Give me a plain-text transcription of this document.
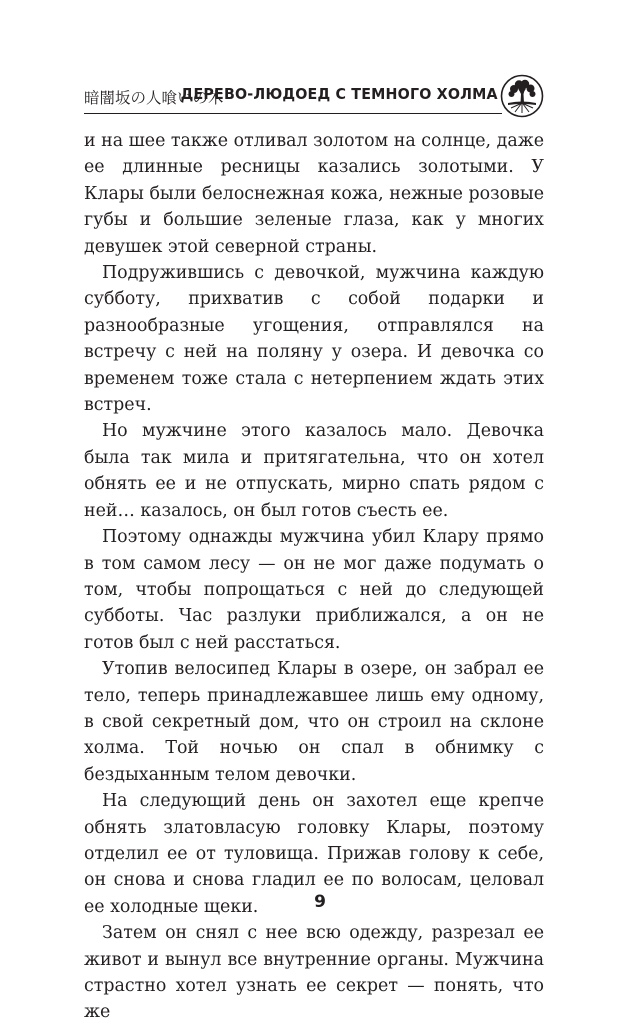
暗闇坂の人喰いの木
ДЕРЕВО-ЛЮДОЕД С ТЕМНОГО ХОЛМА

и на шее также отливал золотом на солнце, даже ее длинные ресницы казались золотыми. У Клары были белоснежная кожа, нежные розовые губы и большие зеленые глаза, как у многих девушек этой северной страны.

Подружившись с девочкой, мужчина каждую субботу, прихватив с собой подарки и разнообразные угощения, отправлялся на встречу с ней на поляну у озера. И девочка со временем тоже стала с нетерпением ждать этих встреч.

Но мужчине этого казалось мало. Девочка была так мила и притягательна, что он хотел обнять ее и не отпускать, мирно спать рядом с ней… казалось, он был готов съесть ее.

Поэтому однажды мужчина убил Клару прямо в том самом лесу — он не мог даже подумать о том, чтобы попрощаться с ней до следующей субботы. Час разлуки приближался, а он не готов был с ней расстаться.

Утопив велосипед Клары в озере, он забрал ее тело, теперь принадлежавшее лишь ему одному, в свой секретный дом, что он строил на склоне холма. Той ночью он спал в обнимку с бездыханным телом девочки.

На следующий день он захотел еще крепче обнять златовласую головку Клары, поэтому отделил ее от туловища. Прижав голову к себе, он снова и снова гладил ее по волосам, целовал ее холодные щеки.

Затем он снял с нее всю одежду, разрезал ее живот и вынул все внутренние органы. Мужчина страстно хотел узнать ее секрет — понять, что же

9
